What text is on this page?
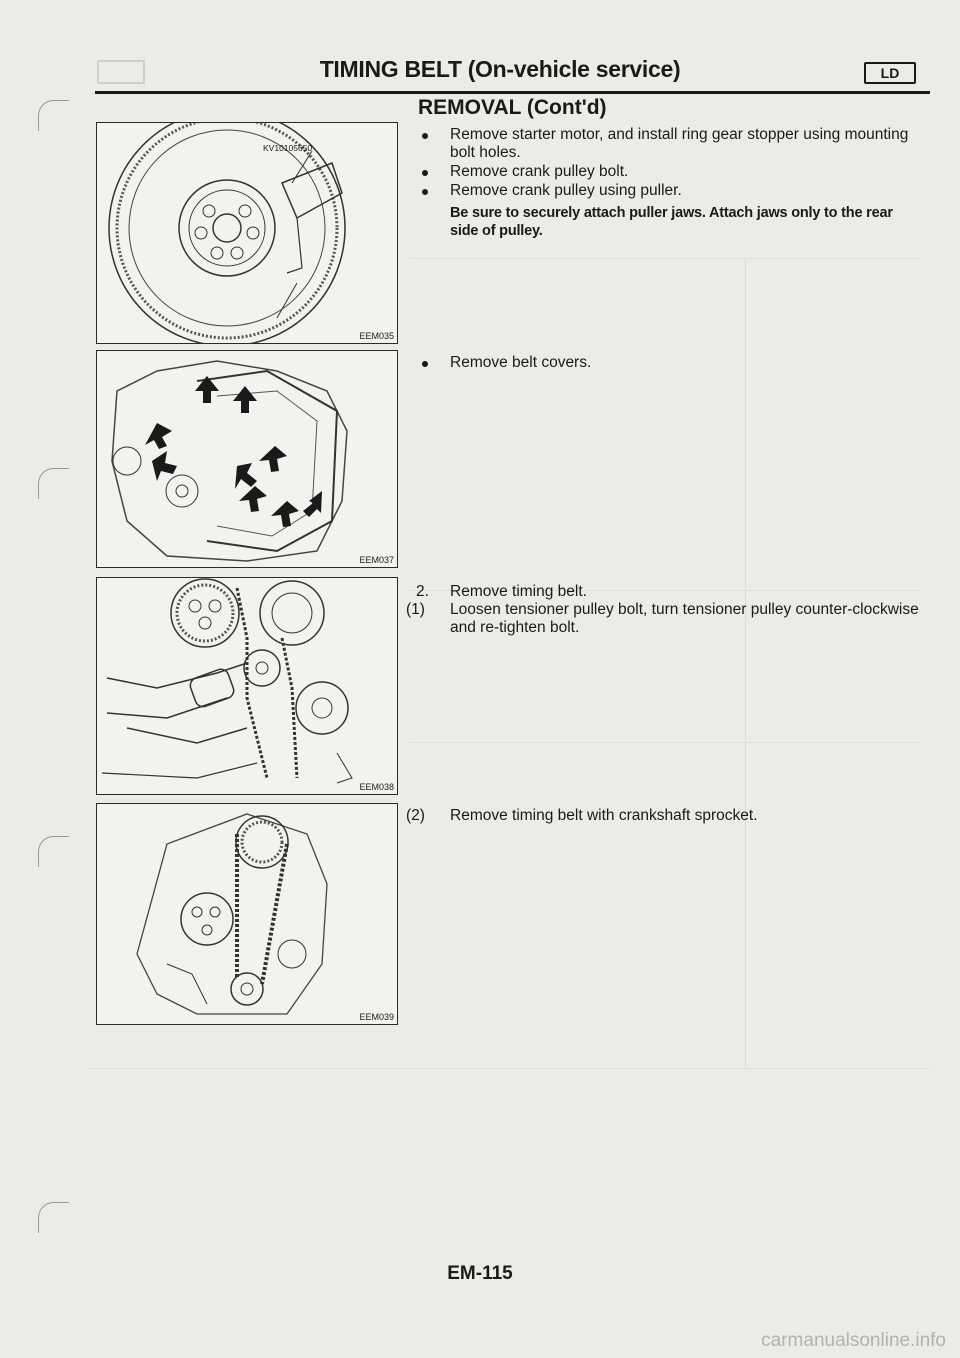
TIMING BELT (On-vehicle service)	LD
REMOVAL (Cont'd)
KV10105650
EEM035
EEM037
EEM038
EEM039
Remove starter motor, and install ring gear stopper using mounting bolt holes.
Remove crank pulley bolt.
Remove crank pulley using puller.
Be sure to securely attach puller jaws. Attach jaws only to the rear side of pulley.
Remove belt covers.
2. Remove timing belt.
(1) Loosen tensioner pulley bolt, turn tensioner pulley counter-clockwise and re-tighten bolt.
(2) Remove timing belt with crankshaft sprocket.
EM-115
carmanualsonline.info
